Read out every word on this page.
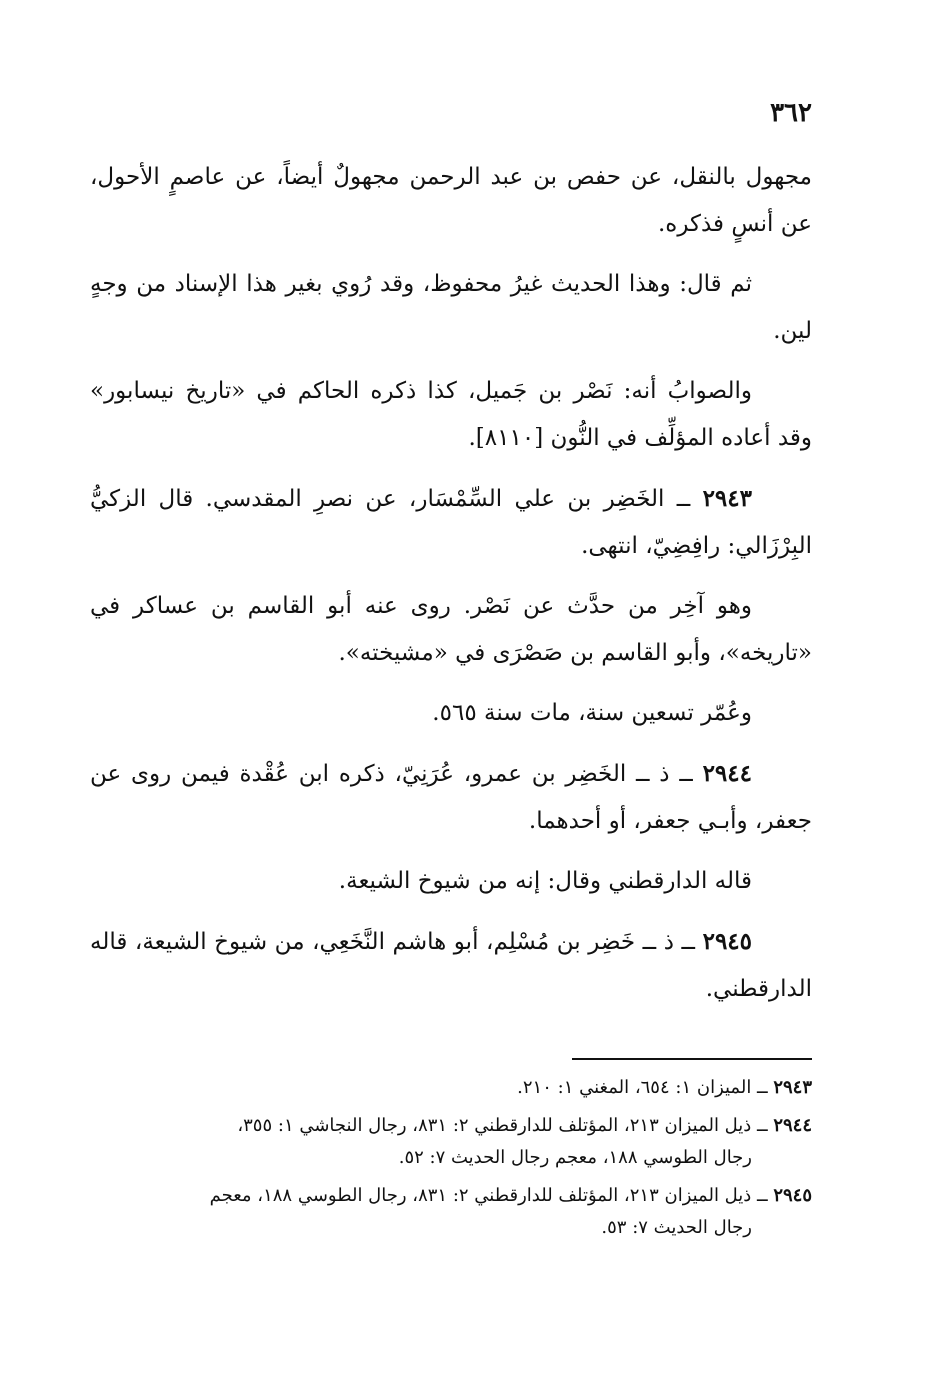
٣٦٢

مجهول بالنقل، عن حفص بن عبد الرحمن مجهولٌ أيضاً، عن عاصمٍ الأحول، عن أنسٍ فذكره.

ثم قال: وهذا الحديث غيرُ محفوظ، وقد رُوي بغير هذا الإسناد من وجهٍ لين.

والصوابُ أنه: نَصْر بن جَميل، كذا ذكره الحاكم في «تاريخ نيسابور» وقد أعاده المؤلِّف في النُّون [٨١١٠].

٢٩٤٣ ــ الخَضِر بن علي السِّمْسَار، عن نصرِ المقدسي. قال الزكيُّ البِرْزَالي: رافِضِيّ، انتهى.

وهو آخِر من حدَّث عن نَصْر. روى عنه أبو القاسم بن عساكر في «تاريخه»، وأبو القاسم بن صَصْرَى في «مشيخته».

وعُمّر تسعين سنة، مات سنة ٥٦٥.

٢٩٤٤ ــ ذ ــ الخَضِر بن عمرو، عُرَنِيّ، ذكره ابن عُقْدة فيمن روى عن جعفر، وأبـي جعفر، أو أحدهما.

قاله الدارقطني وقال: إنه من شيوخ الشيعة.

٢٩٤٥ ــ ذ ــ خَضِر بن مُسْلِم، أبو هاشم النَّخَعِي، من شيوخ الشيعة، قاله الدارقطني.

٢٩٤٣ ــ الميزان ١: ٦٥٤، المغني ١: ٢١٠.

٢٩٤٤ ــ ذيل الميزان ٢١٣، المؤتلف للدارقطني ٢: ٨٣١، رجال النجاشي ١: ٣٥٥،
رجال الطوسي ١٨٨، معجم رجال الحديث ٧: ٥٢.

٢٩٤٥ ــ ذيل الميزان ٢١٣، المؤتلف للدارقطني ٢: ٨٣١، رجال الطوسي ١٨٨، معجم
رجال الحديث ٧: ٥٣.
